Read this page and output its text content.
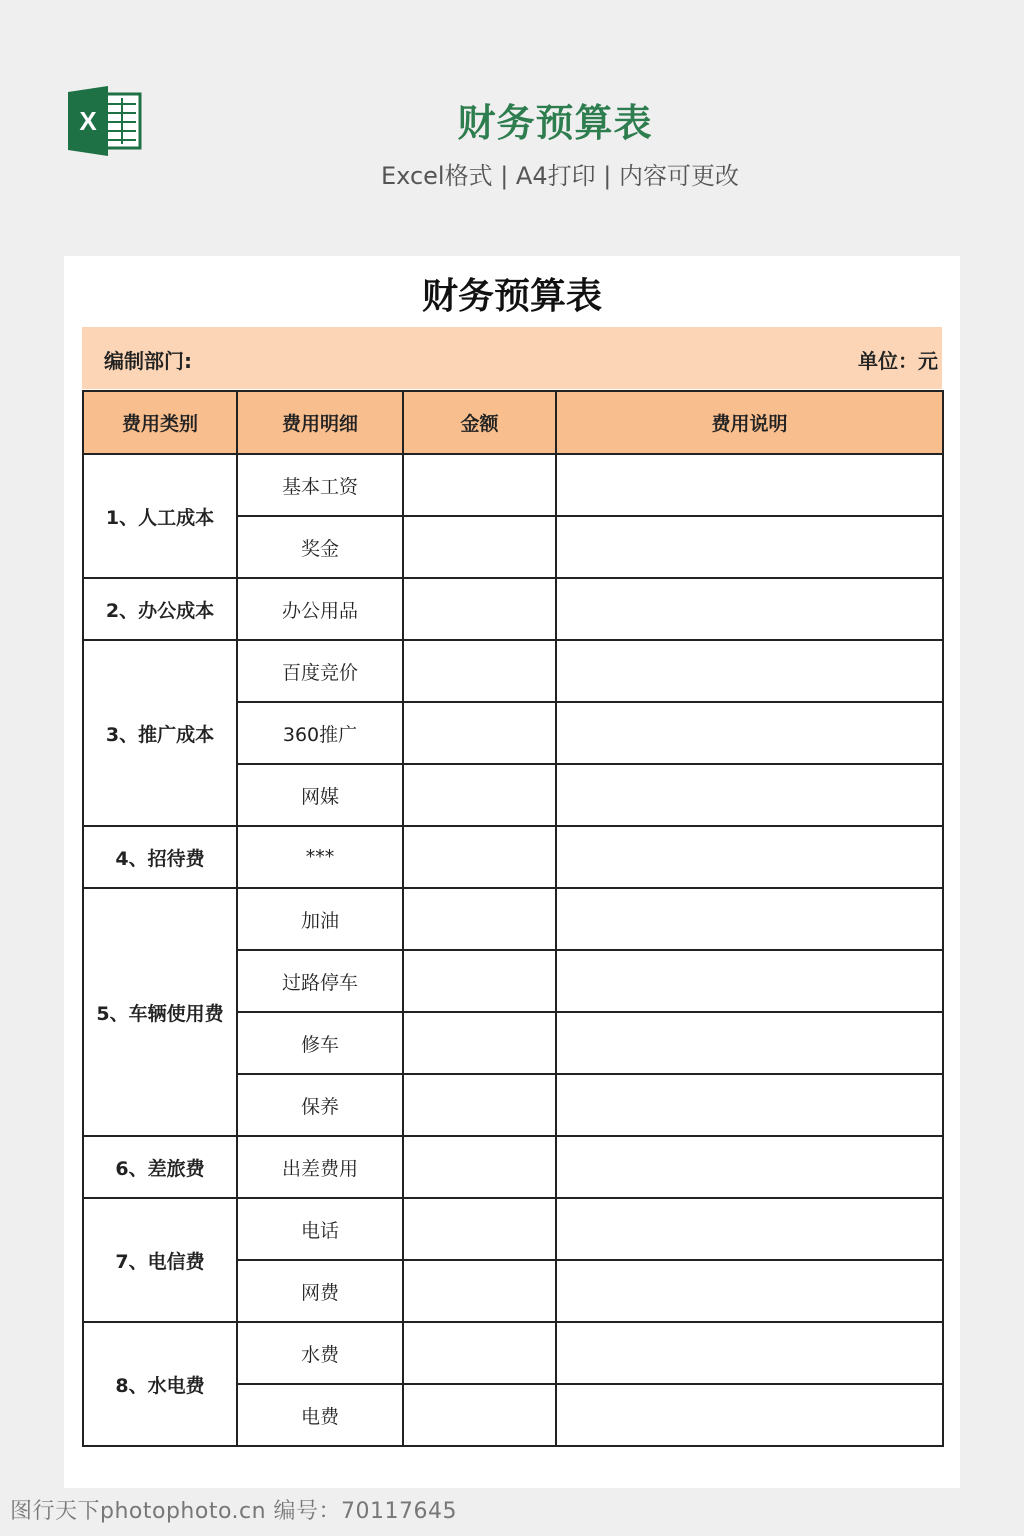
X	财务预算表
Excel格式 | A4打印 | 内容可更改
财务预算表
编制部门:	单位：元
费用类别	费用明细	金额	费用说明
1、人工成本	基本工资		
	奖金		
2、办公成本	办公用品		
3、推广成本	百度竞价		
	360推广		
	网媒		
4、招待费	***		
5、车辆使用费	加油		
	过路停车		
	修车		
	保养		
6、差旅费	出差费用		
7、电信费	电话		
	网费		
8、水电费	水费		
	电费		
图行天下photophoto.cn 编号：70117645
